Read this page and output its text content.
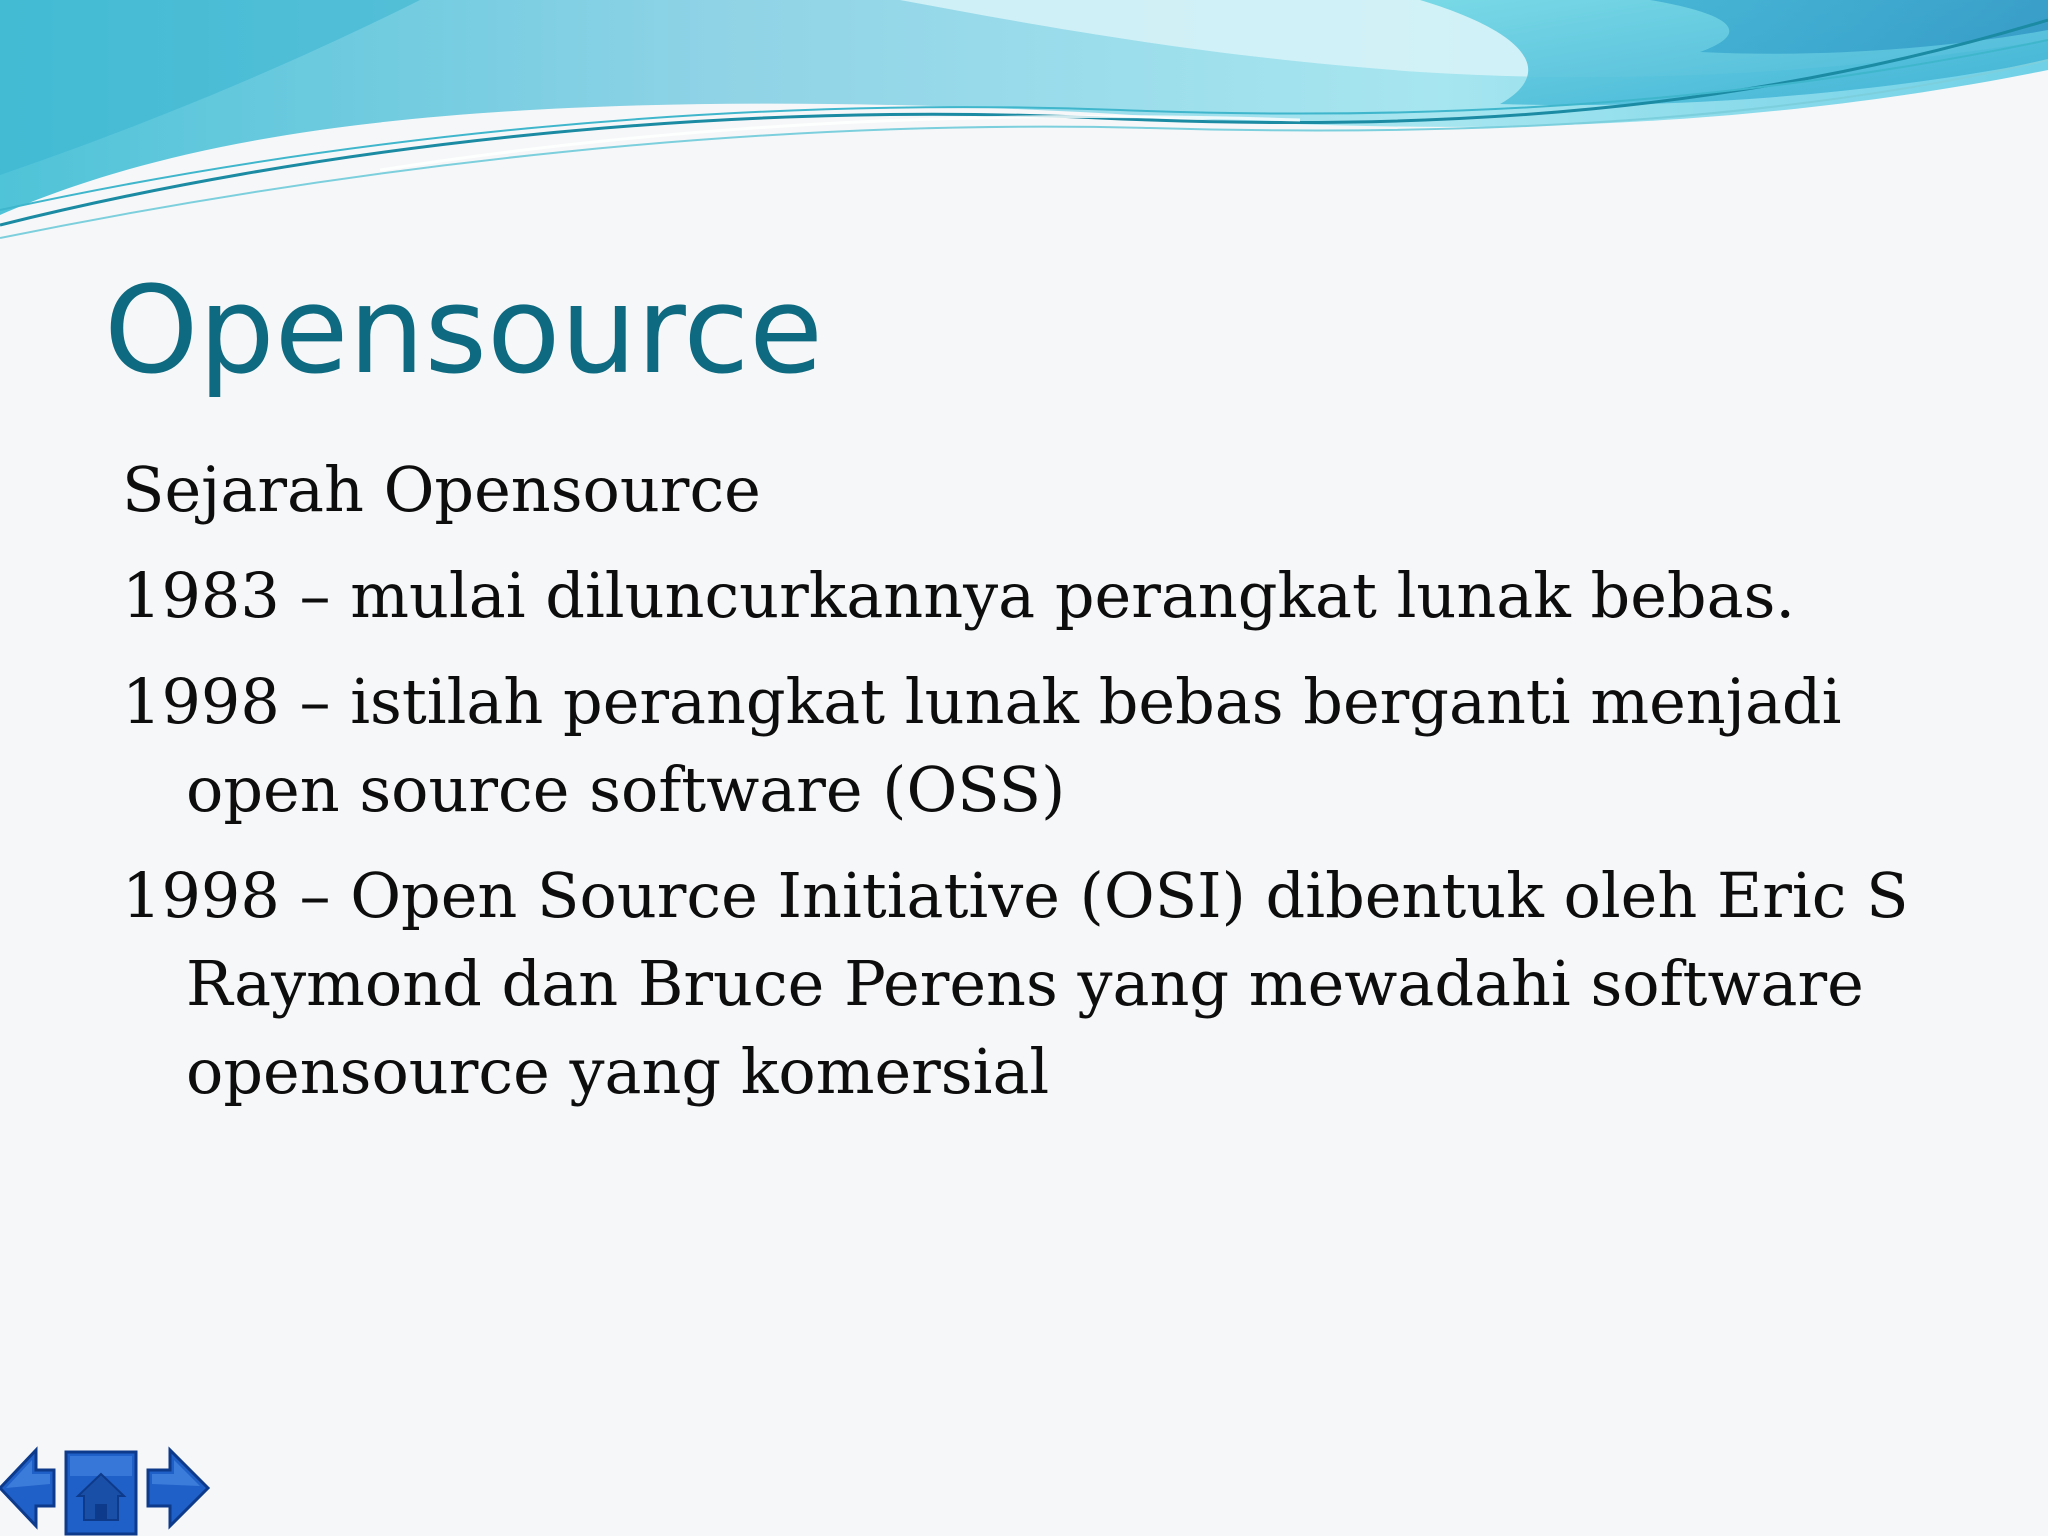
Opensource

Sejarah Opensource

1983 – mulai diluncurkannya perangkat lunak bebas.

1998 – istilah perangkat lunak bebas berganti menjadi open source software (OSS)

1998 – Open Source Initiative (OSI) dibentuk oleh Eric S Raymond dan Bruce Perens yang mewadahi software opensource yang komersial
